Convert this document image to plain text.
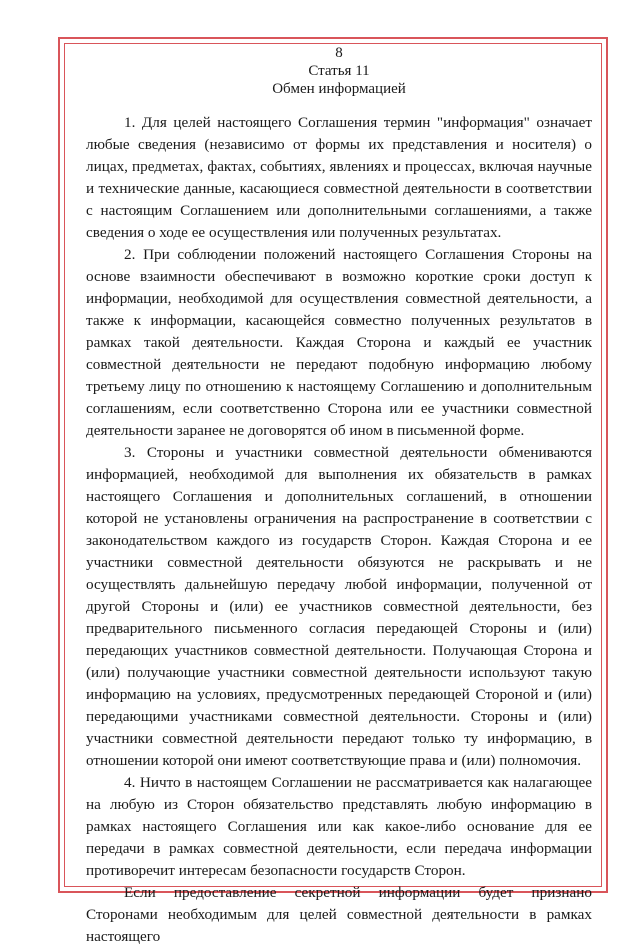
8

Статья 11

Обмен информацией

1. Для целей настоящего Соглашения термин "информация" означает любые сведения (независимо от формы их представления и носителя) о лицах, предметах, фактах, событиях, явлениях и процессах, включая научные и технические данные, касающиеся совместной деятельности в соответствии с настоящим Соглашением или дополнительными соглашениями, а также сведения о ходе ее осуществления или полученных результатах.

2. При соблюдении положений настоящего Соглашения Стороны на основе взаимности обеспечивают в возможно короткие сроки доступ к информации, необходимой для осуществления совместной деятельности, а также к информации, касающейся совместно полученных результатов в рамках такой деятельности. Каждая Сторона и каждый ее участник совместной деятельности не передают подобную информацию любому третьему лицу по отношению к настоящему Соглашению и дополнительным соглашениям, если соответственно Сторона или ее участники совместной деятельности заранее не договорятся об ином в письменной форме.

3. Стороны и участники совместной деятельности обмениваются информацией, необходимой для выполнения их обязательств в рамках настоящего Соглашения и дополнительных соглашений, в отношении которой не установлены ограничения на распространение в соответствии с законодательством каждого из государств Сторон. Каждая Сторона и ее участники совместной деятельности обязуются не раскрывать и не осуществлять дальнейшую передачу любой информации, полученной от другой Стороны и (или) ее участников совместной деятельности, без предварительного письменного согласия передающей Стороны и (или) передающих участников совместной деятельности. Получающая Сторона и (или) получающие участники совместной деятельности используют такую информацию на условиях, предусмотренных передающей Стороной и (или) передающими участниками совместной деятельности. Стороны и (или) участники совместной деятельности передают только ту информацию, в отношении которой они имеют соответствующие права и (или) полномочия.

4. Ничто в настоящем Соглашении не рассматривается как налагающее на любую из Сторон обязательство представлять любую информацию в рамках настоящего Соглашения или как какое-либо основание для ее передачи в рамках совместной деятельности, если передача информации противоречит интересам безопасности государств Сторон.

Если предоставление секретной информации будет признано Сторонами необходимым для целей совместной деятельности в рамках настоящего
